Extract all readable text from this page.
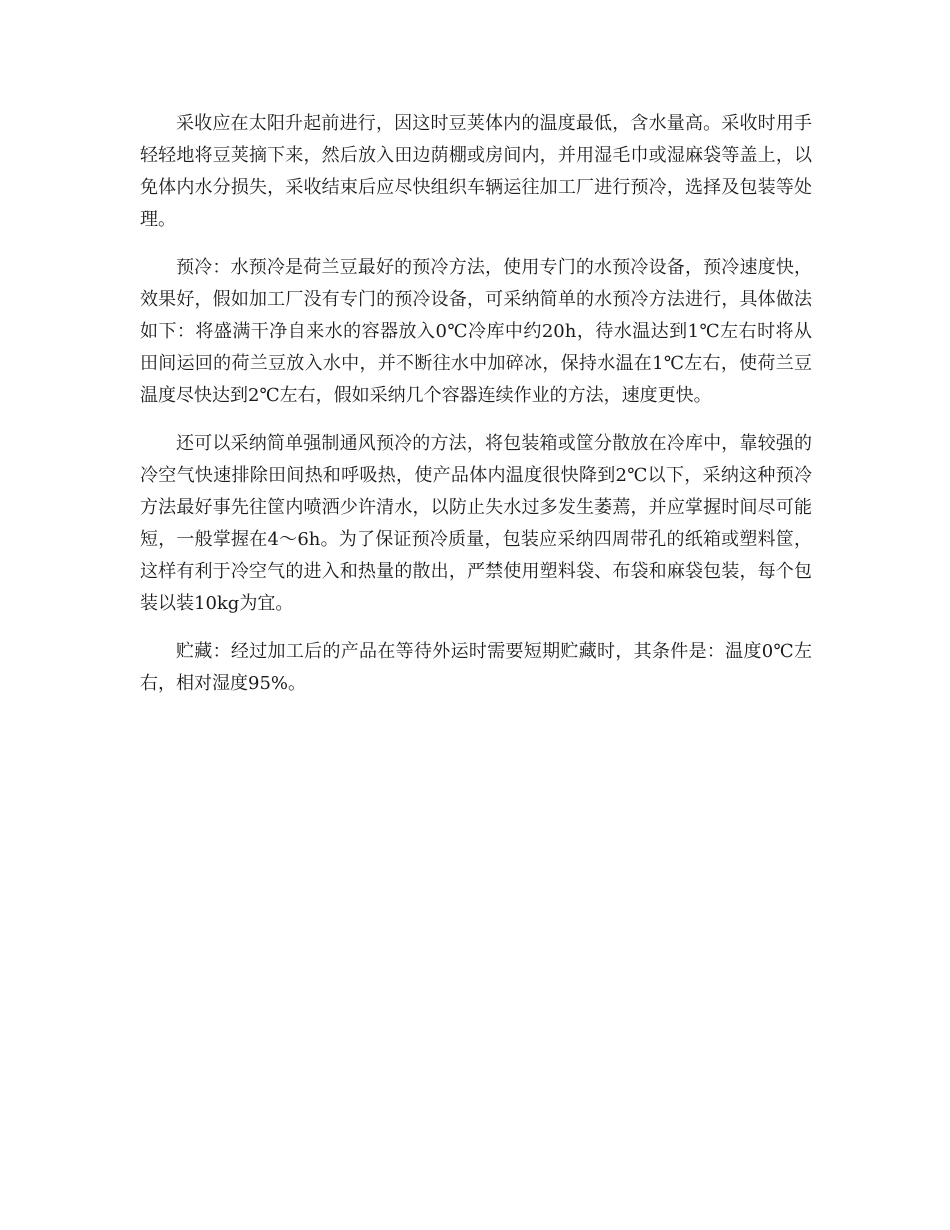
采收应在太阳升起前进行，因这时豆荚体内的温度最低，含水量高。采收时用手轻轻地将豆荚摘下来，然后放入田边荫棚或房间内，并用湿毛巾或湿麻袋等盖上，以免体内水分损失，采收结束后应尽快组织车辆运往加工厂进行预冷，选择及包装等处理。

预冷：水预冷是荷兰豆最好的预冷方法，使用专门的水预冷设备，预冷速度快，效果好，假如加工厂没有专门的预冷设备，可采纳简单的水预冷方法进行，具体做法如下：将盛满干净自来水的容器放入0℃冷库中约20h，待水温达到1℃左右时将从田间运回的荷兰豆放入水中，并不断往水中加碎冰，保持水温在1℃左右，使荷兰豆温度尽快达到2℃左右，假如采纳几个容器连续作业的方法，速度更快。

还可以采纳简单强制通风预冷的方法，将包装箱或筐分散放在冷库中，靠较强的冷空气快速排除田间热和呼吸热，使产品体内温度很快降到2℃以下，采纳这种预冷方法最好事先往筐内喷洒少许清水，以防止失水过多发生萎蔫，并应掌握时间尽可能短，一般掌握在4～6h。为了保证预冷质量，包装应采纳四周带孔的纸箱或塑料筐，这样有利于冷空气的进入和热量的散出，严禁使用塑料袋、布袋和麻袋包装，每个包装以装10kg为宜。

贮藏：经过加工后的产品在等待外运时需要短期贮藏时，其条件是：温度0℃左右，相对湿度95%。
